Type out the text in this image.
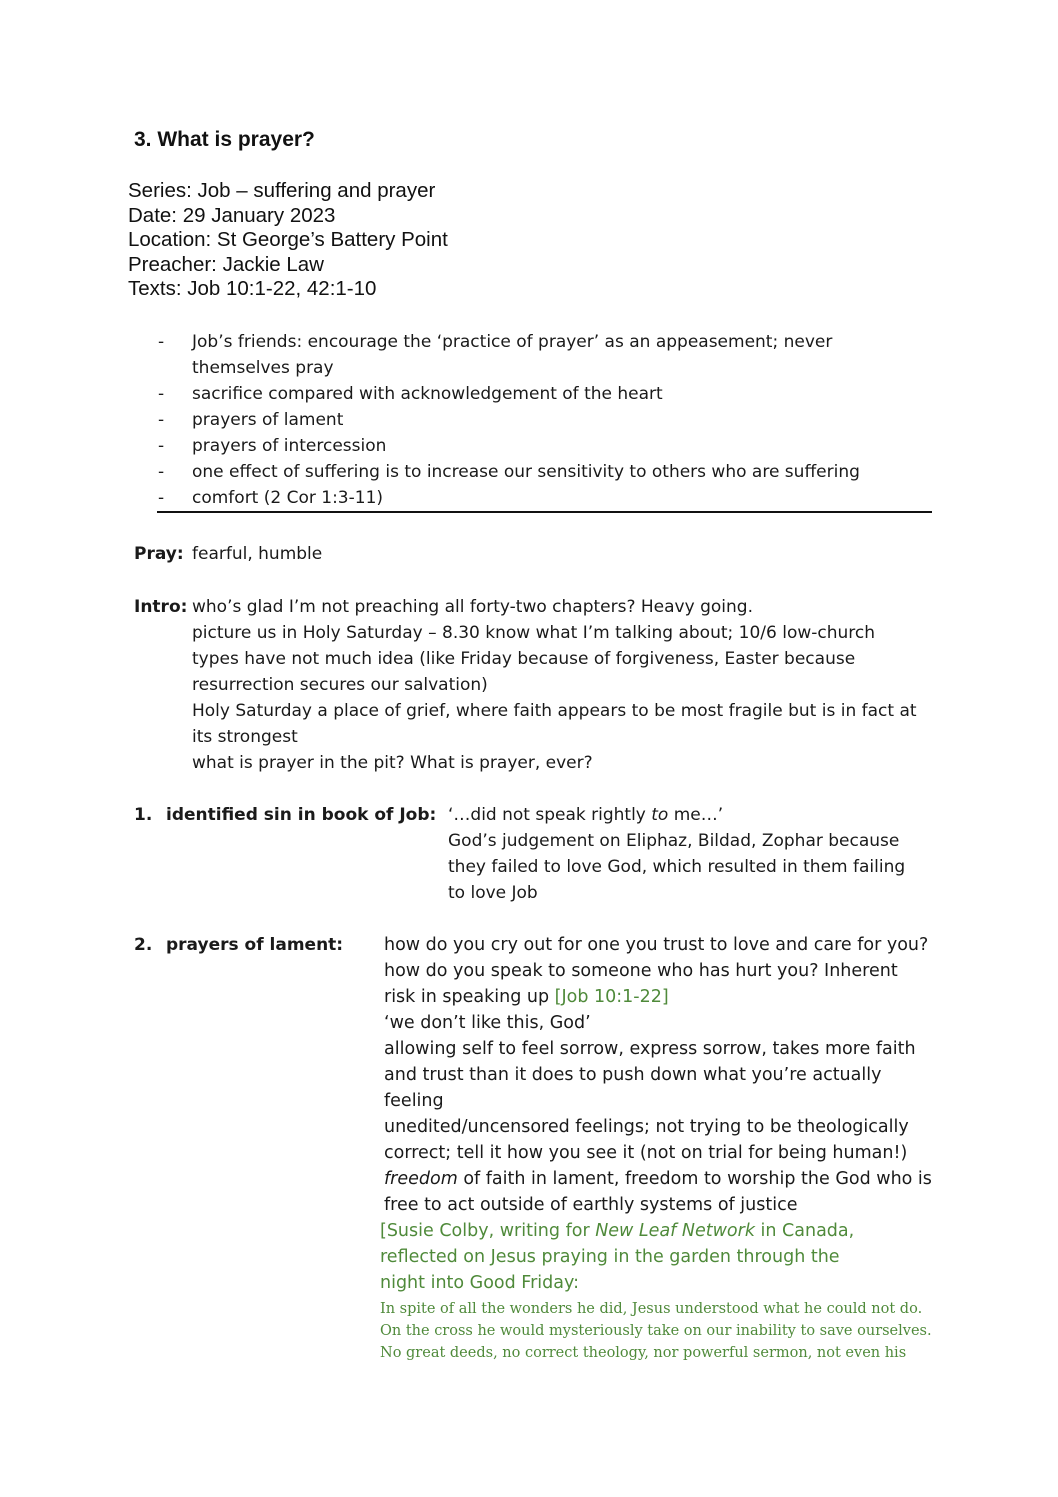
3. What is prayer?
Series: Job – suffering and prayer
Date: 29 January 2023
Location: St George’s Battery Point
Preacher: Jackie Law
Texts: Job 10:1-22, 42:1-10
-	Job’s friends: encourage the ‘practice of prayer’ as an appeasement; never themselves pray
-	sacrifice compared with acknowledgement of the heart
-	prayers of lament
-	prayers of intercession
-	one effect of suffering is to increase our sensitivity to others who are suffering
-	comfort (2 Cor 1:3-11)
Pray: fearful, humble
Intro: who’s glad I’m not preaching all forty-two chapters? Heavy going.
picture us in Holy Saturday – 8.30 know what I’m talking about; 10/6 low-church types have not much idea (like Friday because of forgiveness, Easter because resurrection secures our salvation)
Holy Saturday a place of grief, where faith appears to be most fragile but is in fact at its strongest
what is prayer in the pit? What is prayer, ever?
1. identified sin in book of Job: ‘…did not speak rightly to me…’
God’s judgement on Eliphaz, Bildad, Zophar because they failed to love God, which resulted in them failing to love Job
2. prayers of lament: how do you cry out for one you trust to love and care for you?
how do you speak to someone who has hurt you? Inherent risk in speaking up [Job 10:1-22]
‘we don’t like this, God’
allowing self to feel sorrow, express sorrow, takes more faith and trust than it does to push down what you’re actually feeling
unedited/uncensored feelings; not trying to be theologically correct; tell it how you see it (not on trial for being human!)
freedom of faith in lament, freedom to worship the God who is free to act outside of earthly systems of justice
[Susie Colby, writing for New Leaf Network in Canada, reflected on Jesus praying in the garden through the night into Good Friday:
In spite of all the wonders he did, Jesus understood what he could not do.
On the cross he would mysteriously take on our inability to save ourselves.
No great deeds, no correct theology, nor powerful sermon, not even his
